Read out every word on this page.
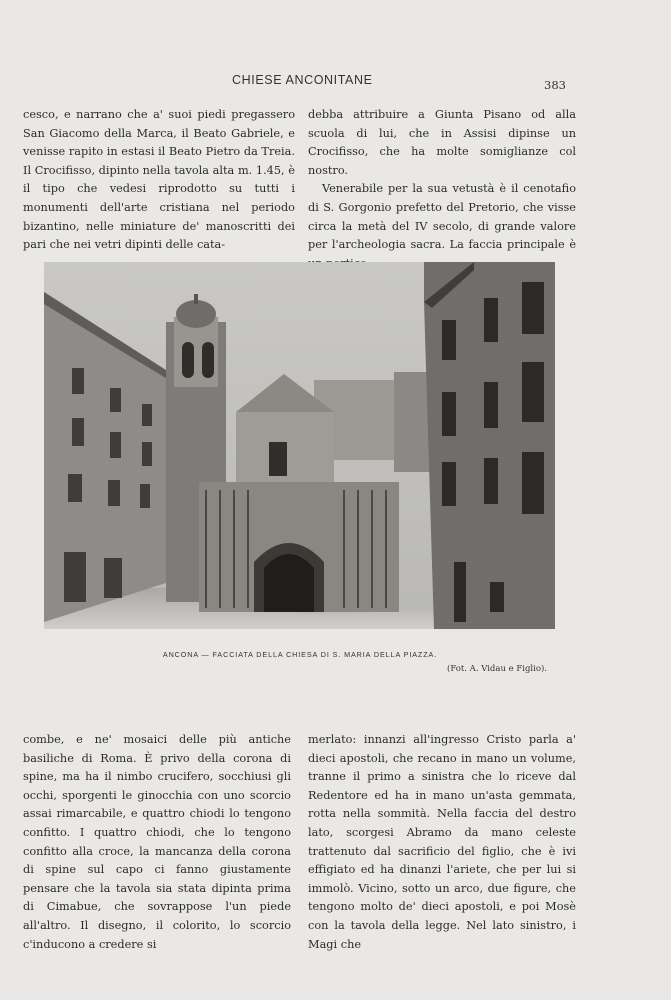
CHIESE ANCONITANE	383

cesco, e narrano che a' suoi piedi pregassero San Giacomo della Marca, il Beato Gabriele, e venisse rapito in estasi il Beato Pietro da Treia. Il Crocifisso, dipinto nella tavola alta m. 1.45, è il tipo che vedesi riprodotto su tutti i monumenti dell'arte cristiana nel periodo bizantino, nelle miniature de' manoscritti dei pari che nei vetri dipinti delle cata-

debba attribuire a Giunta Pisano od alla scuola di lui, che in Assisi dipinse un Crocifisso, che ha molte somiglianze col nostro.

Venerabile per la sua vetustà è il cenotafio di S. Gorgonio prefetto del Pretorio, che visse circa la metà del IV secolo, di grande valore per l'archeologia sacra. La faccia principale è

ANCONA — FACCIATA DELLA CHIESA DI S. MARIA DELLA PIAZZA.
(Fot. A. Vidau e Figlio).

combe, e ne' mosaici delle più antiche basiliche di Roma. È privo della corona di spine, ma ha il nimbo crucifero, socchiusi gli occhi, sporgenti le ginocchia con uno scorcio assai rimarcabile, e quattro chiodi lo tengono confitto. I quattro chiodi, che lo tengono confitto alla croce, la mancanza della corona di spine sul capo ci fanno giustamente pensare che la tavola sia stata dipinta prima di Cimabue, che sovrappose l'un piede all'altro. Il disegno, il colorito, lo scorcio c'inducono a credere si

merlato: innanzi all'ingresso Cristo parla a' dieci apostoli, che recano in mano un volume, tranne il primo a sinistra che lo riceve dal Redentore ed ha in mano un'asta gemmata, rotta nella sommità. Nella faccia del destro lato, scorgesi Abramo da mano celeste trattenuto dal sacrificio del figlio, che è ivi effigiato ed ha dinanzi l'ariete, che per lui si immolò. Vicino, sotto un arco, due figure, che tengono molto de' dieci apostoli, e poi Mosè con la tavola della legge. Nel lato sinistro, i Magi che
